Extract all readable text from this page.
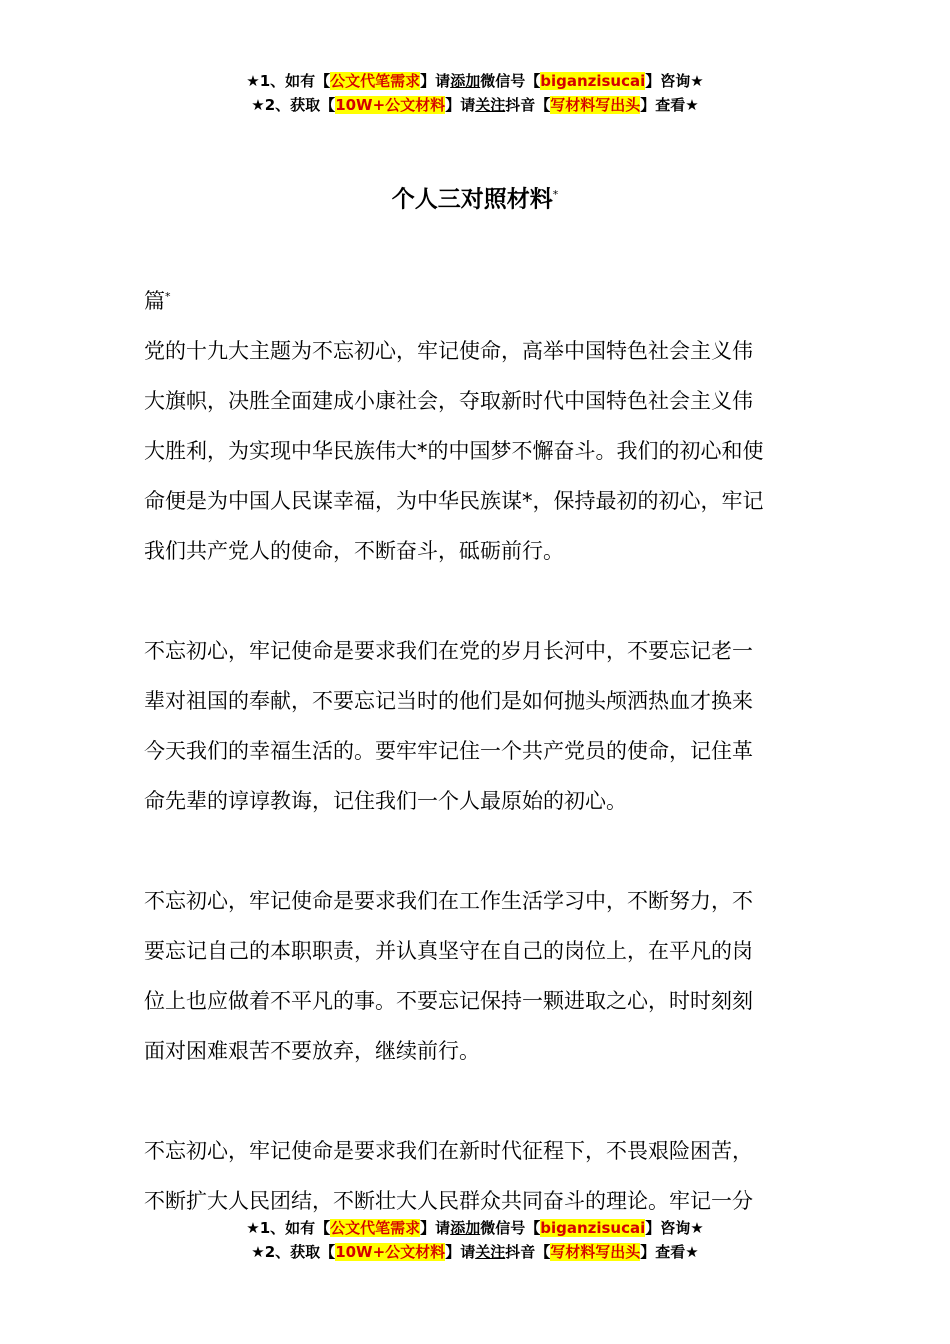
★1、如有【公文代笔需求】请添加微信号【biganzisucai】咨询★
★2、获取【10W+公文材料】请关注抖音【写材料写出头】查看★
个人三对照材料*

篇*

党的十九大主题为不忘初心，牢记使命，高举中国特色社会主义伟

大旗帜，决胜全面建成小康社会，夺取新时代中国特色社会主义伟

大胜利，为实现中华民族伟大*的中国梦不懈奋斗。我们的初心和使

命便是为中国人民谋幸福，为中华民族谋*，保持最初的初心，牢记

我们共产党人的使命，不断奋斗，砥砺前行。

不忘初心，牢记使命是要求我们在党的岁月长河中，不要忘记老一

辈对祖国的奉献，不要忘记当时的他们是如何抛头颅洒热血才换来

今天我们的幸福生活的。要牢牢记住一个共产党员的使命，记住革

命先辈的谆谆教诲，记住我们一个人最原始的初心。

不忘初心，牢记使命是要求我们在工作生活学习中，不断努力，不

要忘记自己的本职职责，并认真坚守在自己的岗位上，在平凡的岗

位上也应做着不平凡的事。不要忘记保持一颗进取之心，时时刻刻

面对困难艰苦不要放弃，继续前行。

不忘初心，牢记使命是要求我们在新时代征程下，不畏艰险困苦，

不断扩大人民团结，不断壮大人民群众共同奋斗的理论。牢记一分

★1、如有【公文代笔需求】请添加微信号【biganzisucai】咨询★
★2、获取【10W+公文材料】请关注抖音【写材料写出头】查看★
